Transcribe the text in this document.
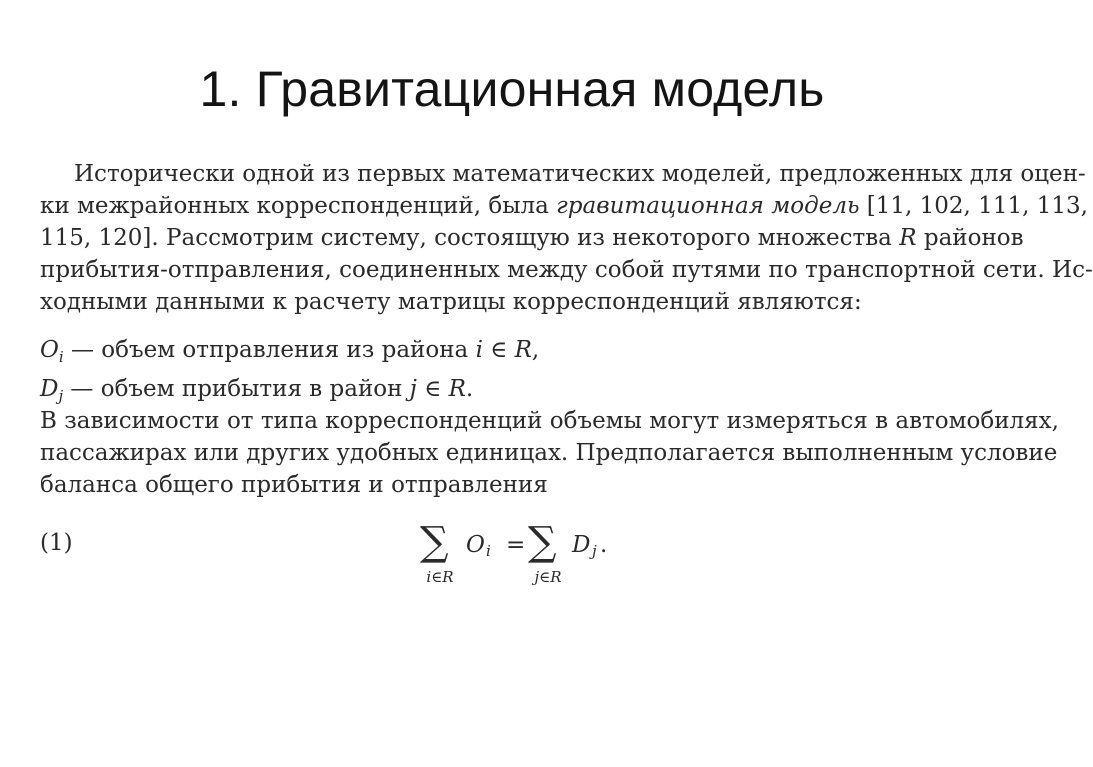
1. Гравитационная модель
Исторически одной из первых математических моделей, предложенных для оцен-
ки межрайонных корреспонденций, была гравитационная модель [11, 102, 111, 113,
115, 120]. Рассмотрим систему, состоящую из некоторого множества R районов
прибытия-отправления, соединенных между собой путями по транспортной сети. Ис-
ходными данными к расчету матрицы корреспонденций являются:
$O_i$ — объем отправления из района i ∈ R,
$D_j$ — объем прибытия в район j ∈ R.
В зависимости от типа корреспонденций объемы могут измеряться в автомобилях,
пассажирах или других удобных единицах. Предполагается выполненным условие
баланса общего прибытия и отправления
(1)	∑
i∈R
O i = ∑
j∈R
D j .
